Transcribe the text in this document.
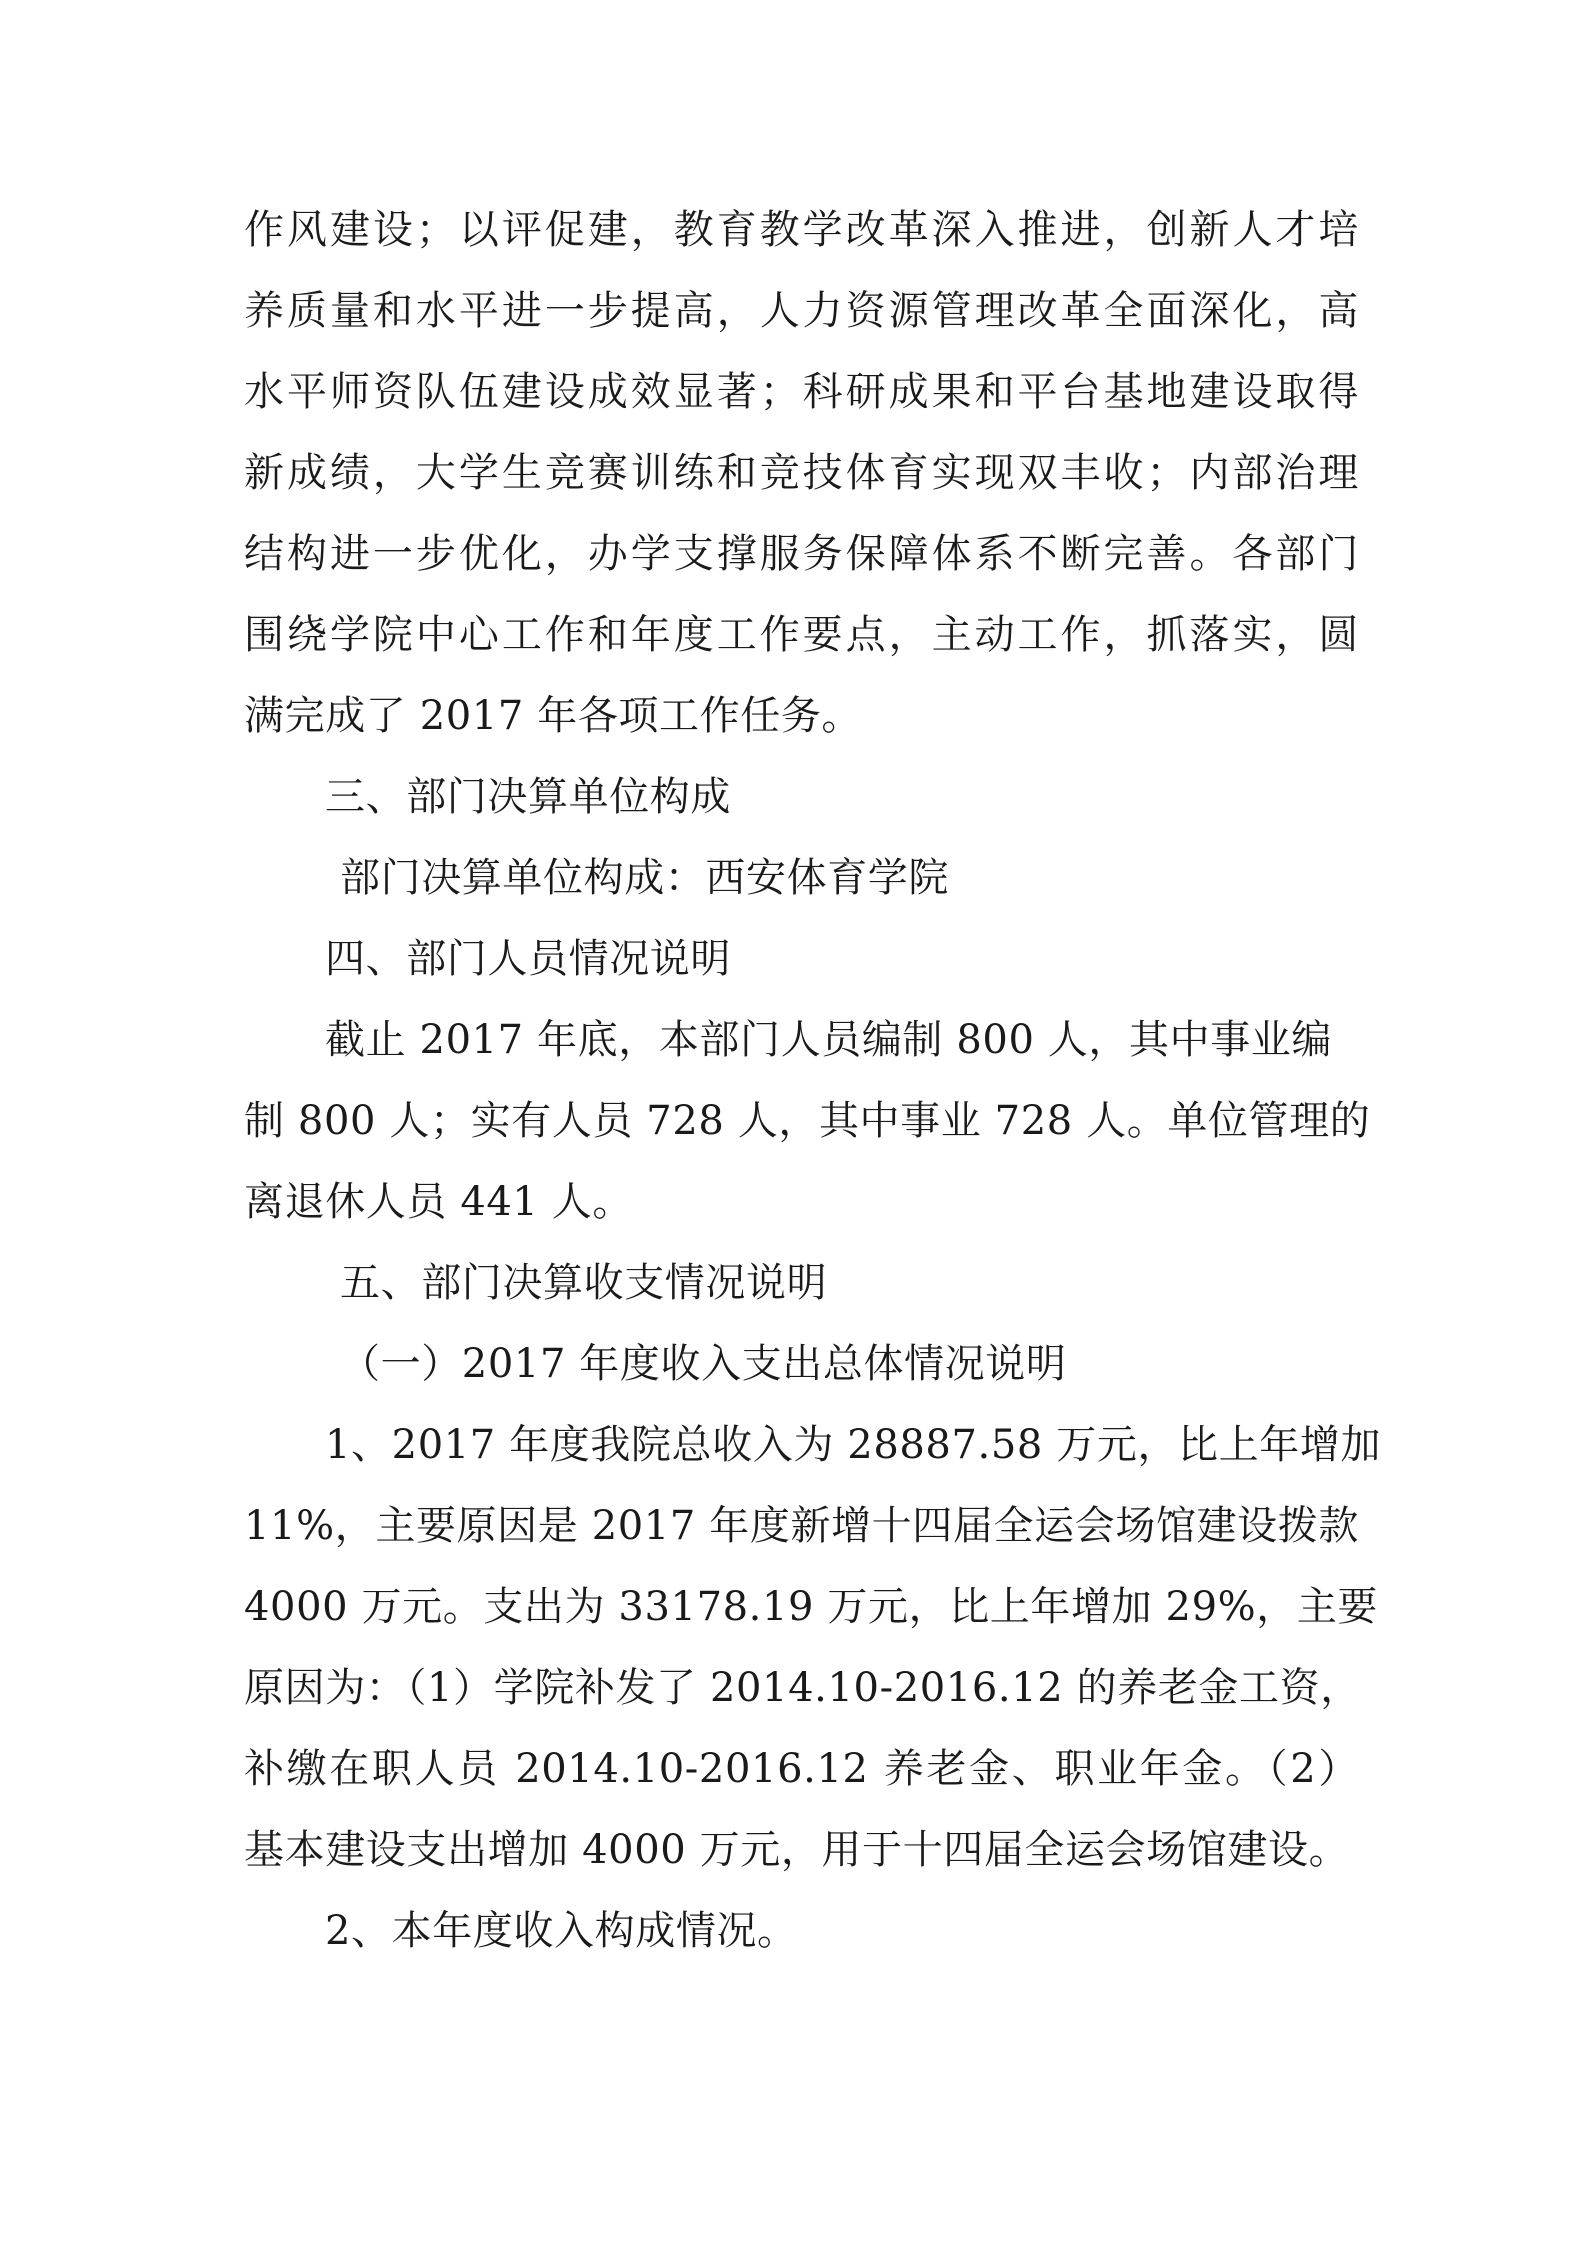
作风建设；以评促建，教育教学改革深入推进，创新人才培
养质量和水平进一步提高，人力资源管理改革全面深化，高
水平师资队伍建设成效显著；科研成果和平台基地建设取得
新成绩，大学生竞赛训练和竞技体育实现双丰收；内部治理
结构进一步优化，办学支撑服务保障体系不断完善。各部门
围绕学院中心工作和年度工作要点，主动工作，抓落实，圆
满完成了 2017 年各项工作任务。
三、部门决算单位构成
部门决算单位构成：西安体育学院
四、部门人员情况说明
截止 2017 年底，本部门人员编制 800 人，其中事业编
制 800 人；实有人员 728 人，其中事业 728 人。单位管理的
离退休人员 441 人。
五、部门决算收支情况说明
（一）2017 年度收入支出总体情况说明
1、2017 年度我院总收入为 28887.58 万元，比上年增加
11%，主要原因是 2017 年度新增十四届全运会场馆建设拨款
4000 万元。支出为 33178.19 万元，比上年增加 29%，主要
原因为：（1）学院补发了 2014.10-2016.12 的养老金工资，
补缴在职人员 2014.10-2016.12 养老金、职业年金。（2）
基本建设支出增加 4000 万元，用于十四届全运会场馆建设。
2、本年度收入构成情况。
